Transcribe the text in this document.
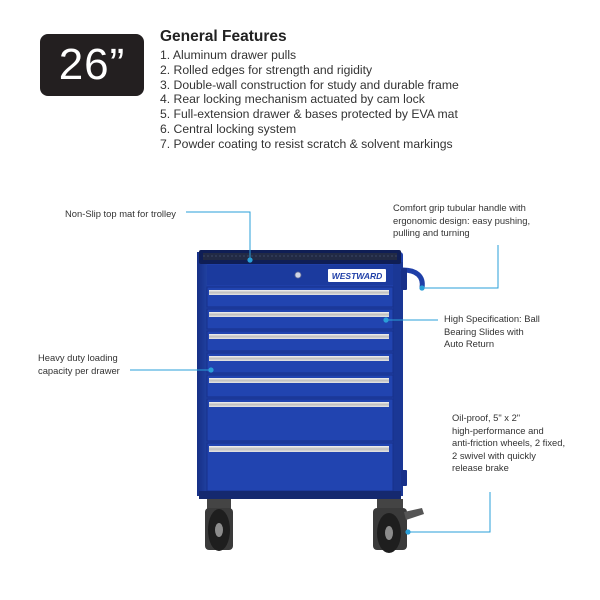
26”
General Features
1. Aluminum drawer pulls
2. Rolled edges for strength and rigidity
3. Double-wall construction for study and durable frame
4. Rear locking mechanism actuated by cam lock
5. Full-extension drawer & bases protected by EVA mat
6. Central locking system
7. Powder coating to resist scratch & solvent markings
Non-Slip top mat for trolley
Comfort grip tubular handle with
ergonomic design: easy pushing,
pulling and turning
High Specification: Ball
Bearing Slides with
Auto Return
Heavy duty loading
capacity per drawer
Oil-proof, 5" x 2"
high-performance and
anti-friction wheels, 2 fixed,
2 swivel with quickly
release brake
WESTWARD
